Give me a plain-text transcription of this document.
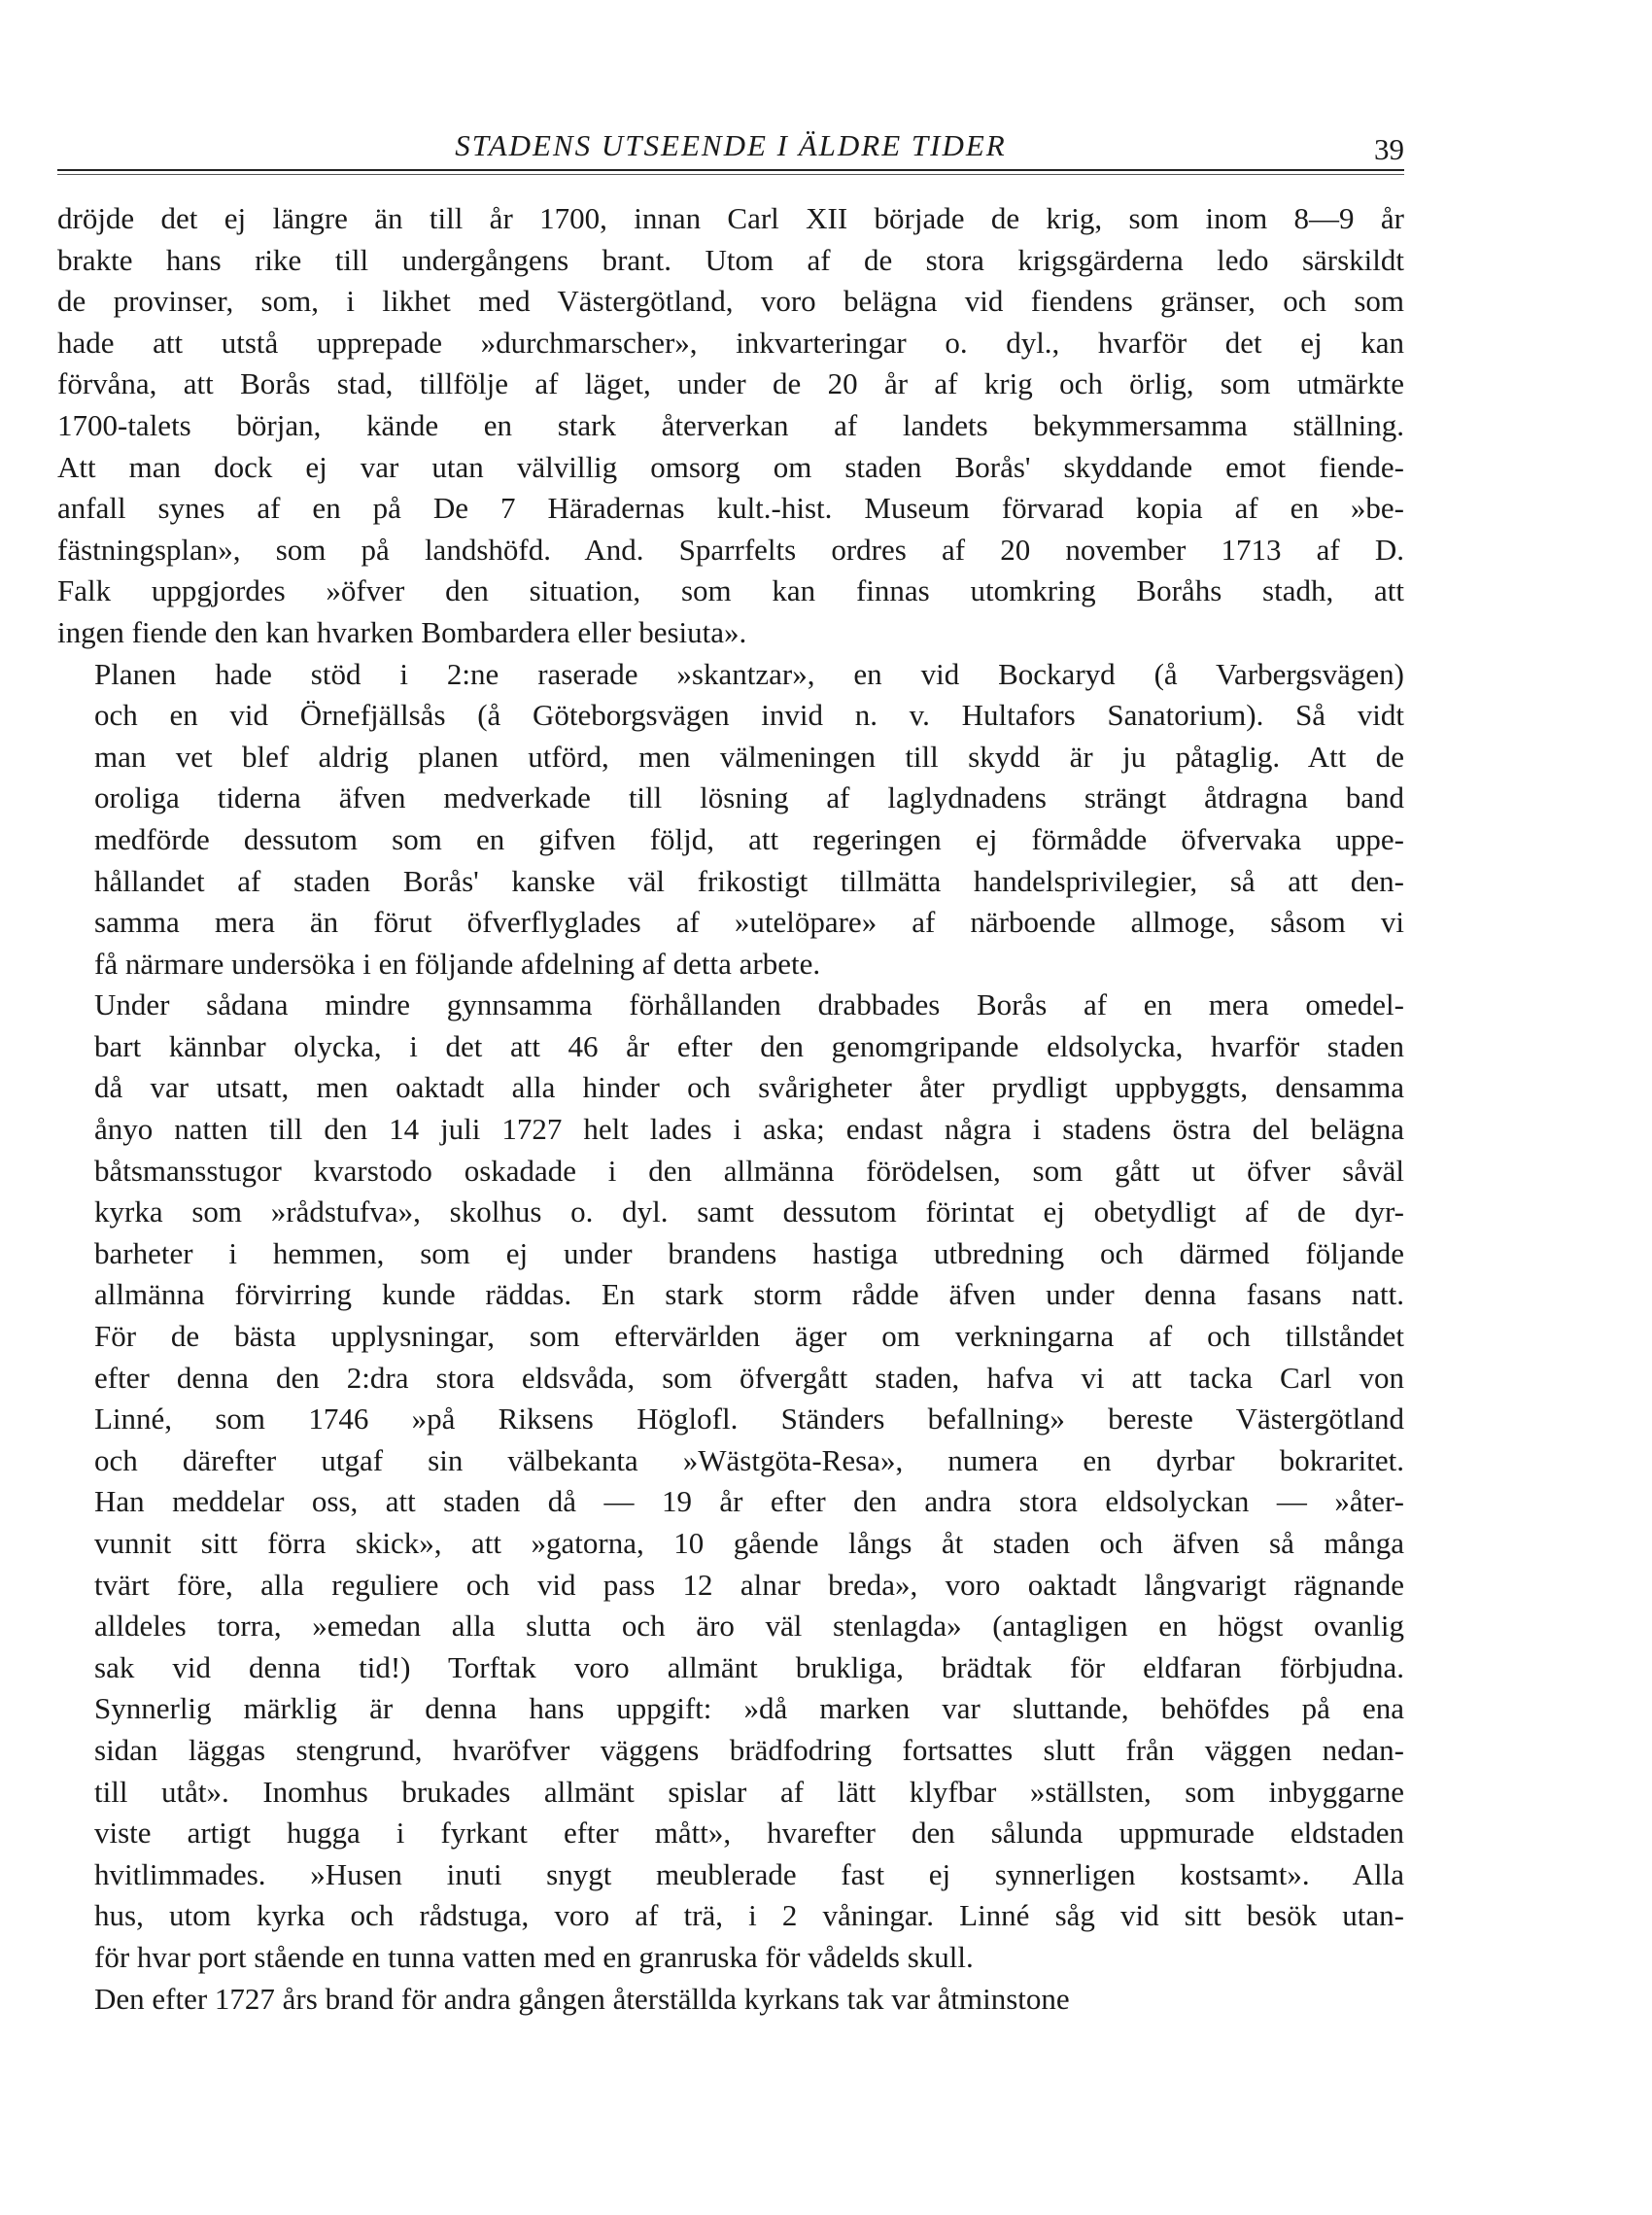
STADENS UTSEENDE I ÄLDRE TIDER	39
dröjde det ej längre än till år 1700, innan Carl XII började de krig, som inom 8—9 år
brakte hans rike till undergångens brant. Utom af de stora krigsgärderna ledo särskildt
de provinser, som, i likhet med Västergötland, voro belägna vid fiendens gränser, och som
hade att utstå upprepade »durchmarscher», inkvarteringar o. dyl., hvarför det ej kan
förvåna, att Borås stad, tillfölje af läget, under de 20 år af krig och örlig, som utmärkte
1700-talets början, kände en stark återverkan af landets bekymmersamma ställning.
Att man dock ej var utan välvillig omsorg om staden Borås' skyddande emot fiende-
anfall synes af en på De 7 Häradernas kult.-hist. Museum förvarad kopia af en »be-
fästningsplan», som på landshöfd. And. Sparrfelts ordres af 20 november 1713 af D.
Falk uppgjordes »öfver den situation, som kan finnas utomkring Boråhs stadh, att
ingen fiende den kan hvarken Bombardera eller besiuta».
Planen hade stöd i 2:ne raserade »skantzar», en vid Bockaryd (å Varbergsvägen)
och en vid Örnefjällsås (å Göteborgsvägen invid n. v. Hultafors Sanatorium). Så vidt
man vet blef aldrig planen utförd, men välmeningen till skydd är ju påtaglig. Att de
oroliga tiderna äfven medverkade till lösning af laglydnadens strängt åtdragna band
medförde dessutom som en gifven följd, att regeringen ej förmådde öfvervaka uppe-
hållandet af staden Borås' kanske väl frikostigt tillmätta handelsprivilegier, så att den-
samma mera än förut öfverflyglades af »utelöpare» af närboende allmoge, såsom vi
få närmare undersöka i en följande afdelning af detta arbete.
Under sådana mindre gynnsamma förhållanden drabbades Borås af en mera omedel-
bart kännbar olycka, i det att 46 år efter den genomgripande eldsolycka, hvarför staden
då var utsatt, men oaktadt alla hinder och svårigheter åter prydligt uppbyggts, densamma
ånyo natten till den 14 juli 1727 helt lades i aska; endast några i stadens östra del belägna
båtsmansstugor kvarstodo oskadade i den allmänna förödelsen, som gått ut öfver såväl
kyrka som »rådstufva», skolhus o. dyl. samt dessutom förintat ej obetydligt af de dyr-
barheter i hemmen, som ej under brandens hastiga utbredning och därmed följande
allmänna förvirring kunde räddas. En stark storm rådde äfven under denna fasans natt.
För de bästa upplysningar, som eftervärlden äger om verkningarna af och tillståndet
efter denna den 2:dra stora eldsvåda, som öfvergått staden, hafva vi att tacka Carl von
Linné, som 1746 »på Riksens Höglofl. Ständers befallning» bereste Västergötland
och därefter utgaf sin välbekanta »Wästgöta-Resa», numera en dyrbar bokraritet.
Han meddelar oss, att staden då — 19 år efter den andra stora eldsolyckan — »åter-
vunnit sitt förra skick», att »gatorna, 10 gående långs åt staden och äfven så många
tvärt före, alla reguliere och vid pass 12 alnar breda», voro oaktadt långvarigt rägnande
alldeles torra, »emedan alla slutta och äro väl stenlagda» (antagligen en högst ovanlig
sak vid denna tid!) Torftak voro allmänt brukliga, brädtak för eldfaran förbjudna.
Synnerlig märklig är denna hans uppgift: »då marken var sluttande, behöfdes på ena
sidan läggas stengrund, hvaröfver väggens brädfodring fortsattes slutt från väggen nedan-
till utåt». Inomhus brukades allmänt spislar af lätt klyfbar »ställsten, som inbyggarne
viste artigt hugga i fyrkant efter mått», hvarefter den sålunda uppmurade eldstaden
hvitlimmades. »Husen inuti snygt meublerade fast ej synnerligen kostsamt». Alla
hus, utom kyrka och rådstuga, voro af trä, i 2 våningar. Linné såg vid sitt besök utan-
för hvar port stående en tunna vatten med en granruska för vådelds skull.
Den efter 1727 års brand för andra gången återställda kyrkans tak var åtminstone
